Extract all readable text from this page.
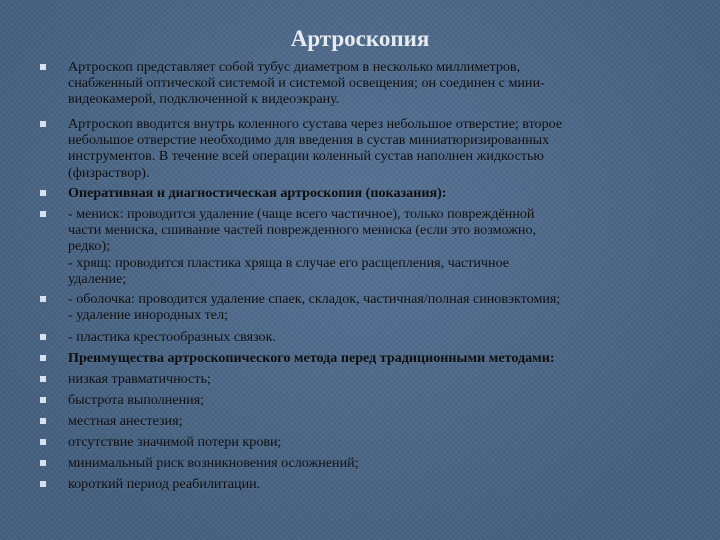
Артроскопия
Артроскоп представляет собой тубус диаметром в несколько миллиметров,
снабженный оптической системой и системой освещения; он соединен с мини-
видеокамерой, подключенной к видеоэкрану.
Артроскоп вводится внутрь коленного сустава через небольшое отверстие; второе
небольшое отверстие необходимо для введения в сустав миниатюризированных
инструментов. В течение всей операции коленный сустав наполнен жидкостью
(физраствор).
Оперативная и диагностическая артроскопия (показания):
- мениск: проводится удаление (чаще всего частичное), только повреждённой
части мениска, сшивание частей поврежденного мениска (если это возможно,
редко);
- хрящ: проводится пластика хряща в случае его расщепления, частичное
удаление;
- оболочка: проводится удаление спаек, складок, частичная/полная синовэктомия;
- удаление инородных тел;
- пластика крестообразных связок.
Преимущества артроскопического метода перед традиционными методами:
низкая травматичность;
быстрота выполнения;
местная анестезия;
отсутствие значимой потери крови;
минимальный риск возникновения осложнений;
короткий период реабилитации.
